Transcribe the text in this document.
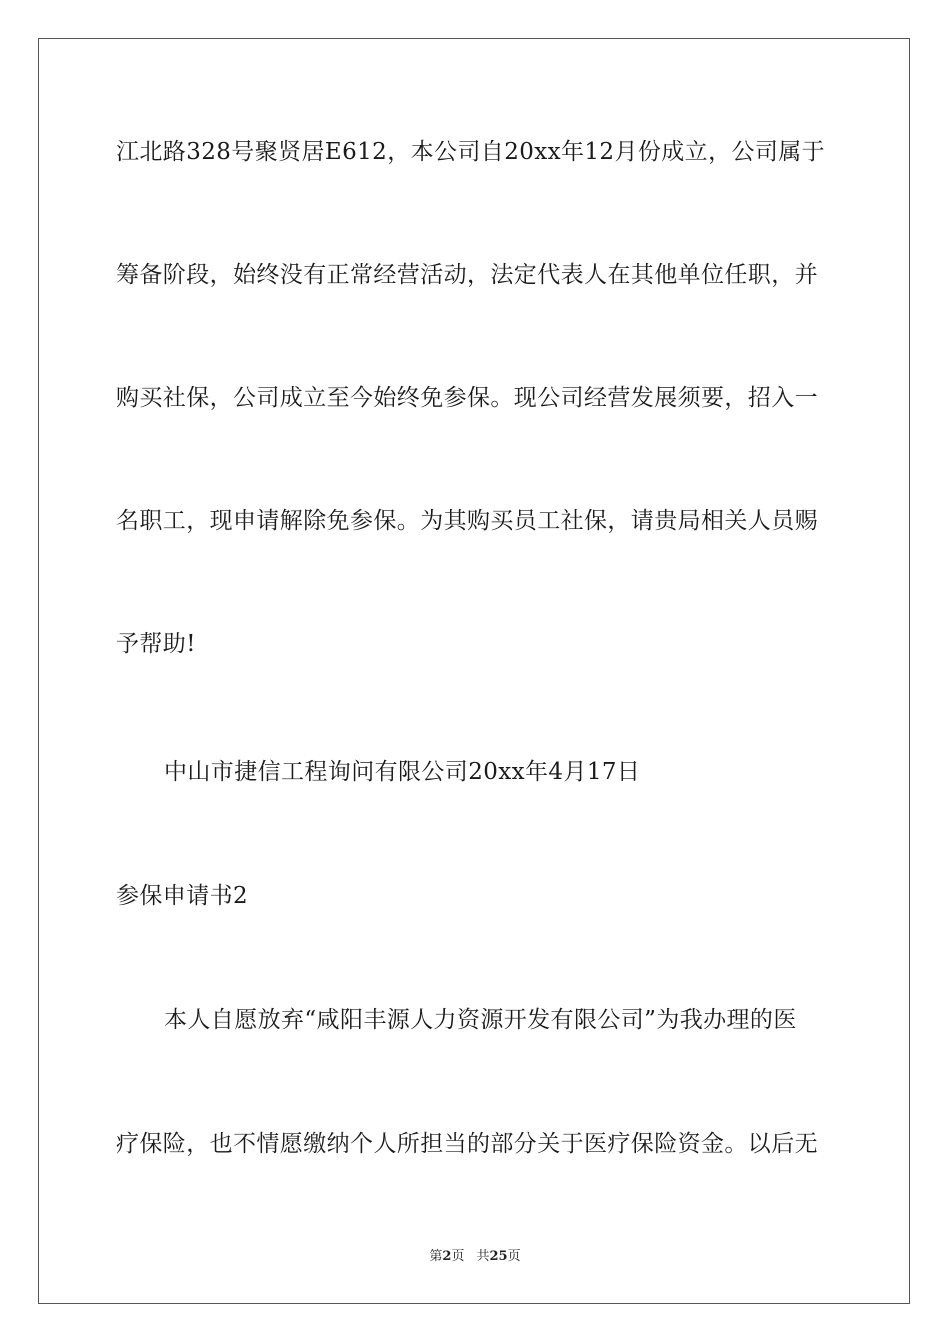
江北路328号聚贤居E612，本公司自20xx年12月份成立，公司属于
筹备阶段，始终没有正常经营活动，法定代表人在其他单位任职，并
购买社保，公司成立至今始终免参保。现公司经营发展须要，招入一
名职工，现申请解除免参保。为其购买员工社保，请贵局相关人员赐
予帮助!
中山市捷信工程询问有限公司20xx年4月17日
参保申请书2
本人自愿放弃“咸阳丰源人力资源开发有限公司”为我办理的医
疗保险，也不情愿缴纳个人所担当的部分关于医疗保险资金。以后无
第2页 共25页
